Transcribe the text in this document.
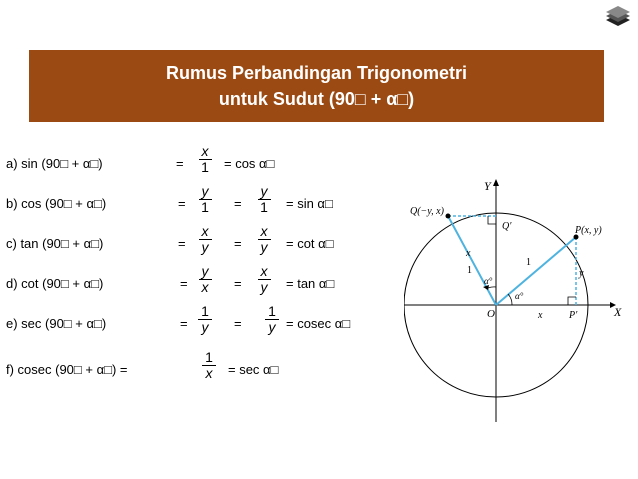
Rumus Perbandingan Trigonometri
untuk Sudut (90□ + α□)
a) sin (90□ + α□)	= $\frac{x}{1} = \cos$ α□
b) cos (90□ + α□)	= $\frac{y}{1} = \frac{y}{1} = \sin$ α□
c) tan (90□ + α□)	= $\frac{x}{y} = \frac{x}{y} = \cot$ α□
d) cot (90□ + α□)	= $\frac{y}{x} = \frac{x}{y} = \tan$ α□
e) sec (90□ + α□)	= $\frac{1}{y} = \frac{1}{y} = cosec$ α□
f) cosec (90□ + α□) =	$\frac{1}{x} = \sec$ α□
X
Y
Q(−y, x)
P(x, y)
Q′
P′
O
x
x
y
1
1
α°
α°
